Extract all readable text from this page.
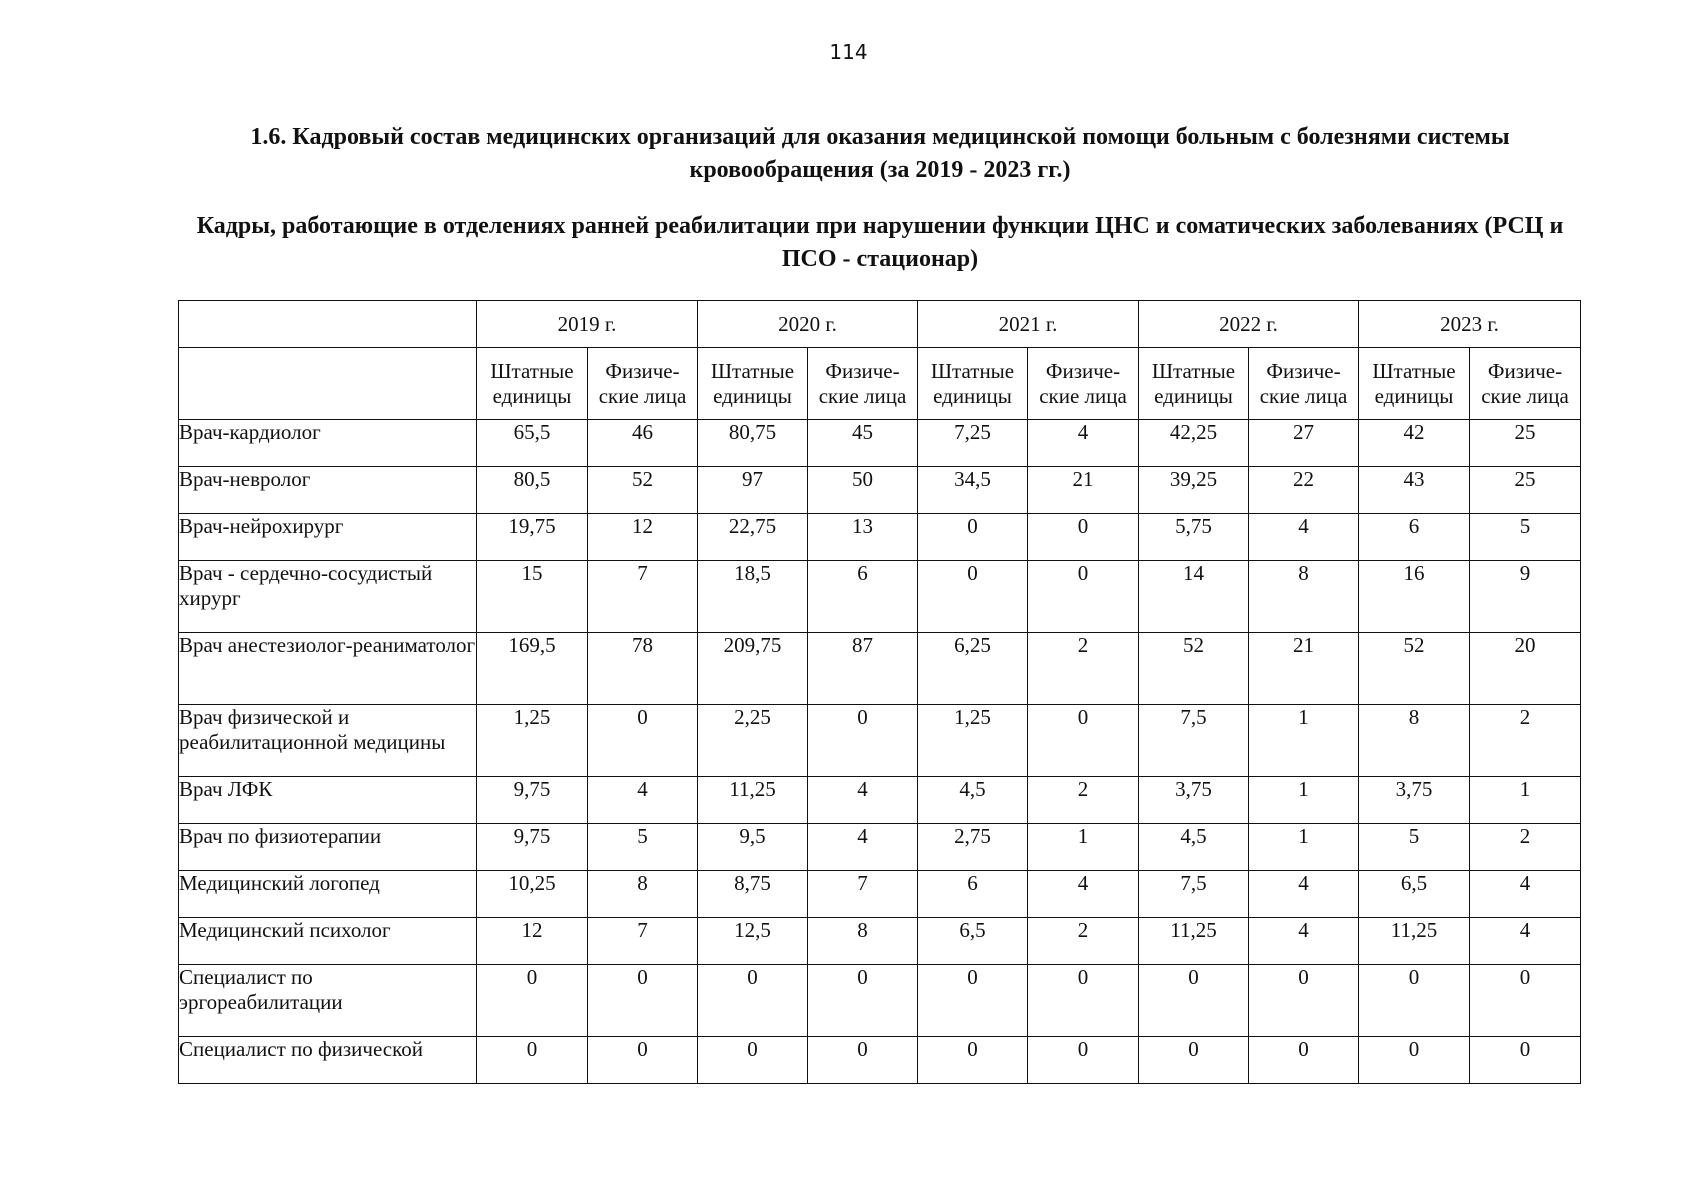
114
1.6. Кадровый состав медицинских организаций для оказания медицинской помощи больным с болезнями системы кровообращения (за 2019 - 2023 гг.)
Кадры, работающие в отделениях ранней реабилитации при нарушении функции ЦНС и соматических заболеваниях (РСЦ и ПСО - стационар)
	2019 г.		2020 г.		2021 г.		2022 г.		2023 г.	
	Штатные единицы	Физиче-ские лица	Штатные единицы	Физиче-ские лица	Штатные единицы	Физиче-ские лица	Штатные единицы	Физиче-ские лица	Штатные единицы	Физиче-ские лица
Врач-кардиолог	65,5	46	80,75	45	7,25	4	42,25	27	42	25
Врач-невролог	80,5	52	97	50	34,5	21	39,25	22	43	25
Врач-нейрохирург	19,75	12	22,75	13	0	0	5,75	4	6	5
Врач - сердечно-сосудистый хирург	15	7	18,5	6	0	0	14	8	16	9
Врач анестезиолог-реаниматолог	169,5	78	209,75	87	6,25	2	52	21	52	20
Врач физической и реабилитационной медицины	1,25	0	2,25	0	1,25	0	7,5	1	8	2
Врач ЛФК	9,75	4	11,25	4	4,5	2	3,75	1	3,75	1
Врач по физиотерапии	9,75	5	9,5	4	2,75	1	4,5	1	5	2
Медицинский логопед	10,25	8	8,75	7	6	4	7,5	4	6,5	4
Медицинский психолог	12	7	12,5	8	6,5	2	11,25	4	11,25	4
Специалист по эргореабилитации	0	0	0	0	0	0	0	0	0	0
Специалист по физической	0	0	0	0	0	0	0	0	0	0
